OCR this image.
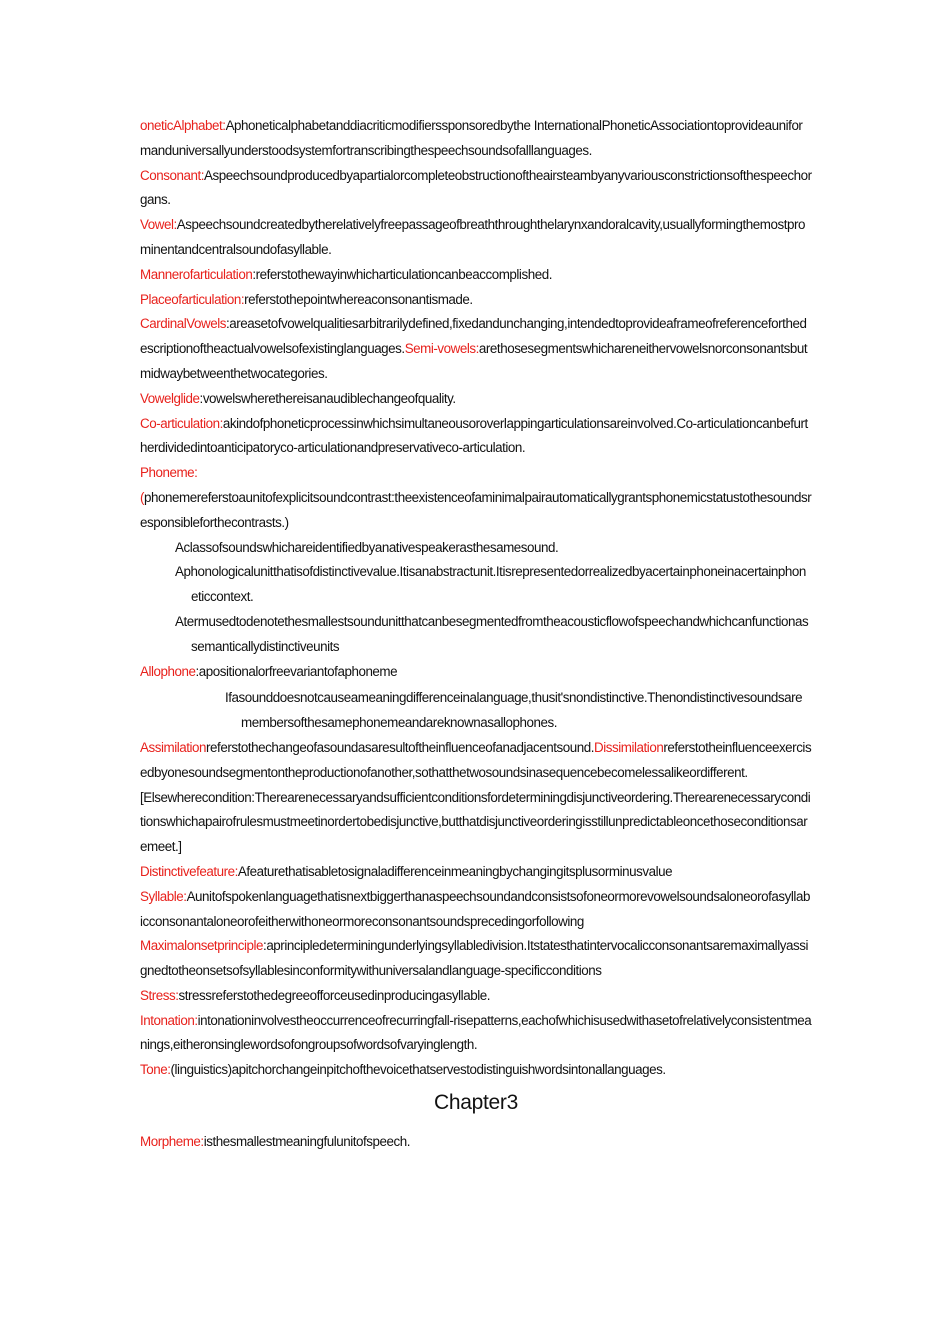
oneticAlphabet:Aphoneticalphabetanddiacriticmodifierssponsoredbythe InternationalPhoneticAssociationtoprovideauniformanduniversallyunderstoodsystemfortranscribingthespeechsoundsofalllanguages.

Consonant:Aspeechsoundproducedbyapartialorcompleteobstructionoftheairsteambyanyvariousconstrictionsofthespeechorgans.

Vowel:Aspeechsoundcreatedbytherelativelyfreepassageofbreaththroughthelarynxandoralcavity,usuallyformingthemostprominentandcentralsoundofasyllable.

Mannerofarticulation:referstothewayinwhicharticulationcanbeaccomplished.

Placeofarticulation:referstothepointwhereaconsonantismade.

CardinalVowels:areasetofvowelqualitiesarbitrarilydefined,fixedandunchanging,intendedtoprovideaframeofreferenceforthedescriptionoftheactualvowelsofexistinglanguages.Semi-vowels:arethosesegmentswhichareneithervowelsnorconsonantsbutmidwaybetweenthetwocategories.

Vowelglide:vowelswherethereisanaudiblechangeofquality.

Co-articulation:akindofphoneticprocessinwhichsimultaneousoroverlappingarticulationsareinvolved.Co-articulationcanbefurtherdividedintoanticipatoryco-articulationandpreservativeco-articulation.

Phoneme:
(phonemereferstoaunitofexplicitsoundcontrast:theexistenceofaminimalpairautomaticallygrantsphonemicstatustothesoundsresponsibleforthecontrasts.)

Aclassofsoundswhichareidentifiedbyanativespeakerasthesamesound.

Aphonologicalunitthatisofdistinctivevalue.Itisanabstractunit.Itisrepresentedorrealizedbyacertainphoneinacertainphoneticcontext.

Atermusedtodenotethesmallestsoundunitthatcanbesegmentedfromtheacousticflowofspeechandwhichcanfunctionassemanticallydistinctiveunits

Allophone:apositionalorfreevariantofaphoneme

Ifasounddoesnotcauseameaningdifferenceinalanguage,thusit'snondistinctive.Thenondistinctivesoundsaremembersofthesamephonemeandareknownasallophones.

Assimilationreferstothechangeofasoundasaresultoftheinfluenceofanadjacentsound.Dissimilationreferstotheinfluenceexercisedbyonesoundsegmentontheproductionofanother,sothatthetwosoundsinasequencebecomelessalikeordifferent.

[Elsewherecondition:Therearenecessaryandsufficientconditionsfordeterminingdisjunctiveordering.Therearenecessaryconditionswhichapairofrulesmustmeetinordertobedisjunctive,butthatdisjunctiveorderingisstillunpredictableoncethoseconditionsaremeet.]

Distinctivefeature:Afeaturethatisabletosignaladifferenceinmeaningbychangingitsplusorminusvalue

Syllable:Aunitofspokenlanguagethatisnextbiggerthanaspeechsoundandconsistsofoneormorevowelsoundsaloneorofasyllabicconsonantaloneorofeitherwithoneormoreconsonantsoundsprecedingorfollowing

Maximalonsetprinciple:aprincipledeterminingunderlyingsyllabledivision.Itstatesthatintervocalicconsonantsaremaximallyassignedtotheonsetsofsyllablesinconformitywithuniversalandlanguage-specificconditions

Stress:stressreferstothedegreeofforceusedinproducingasyllable.

Intonation:intonationinvolvestheoccurrenceofrecurringfall-risepatterns,eachofwhichisusedwithasetofrelativelyconsistentmeanings,eitheronsinglewordsofongroupsofwordsofvaryinglength.

Tone:(linguistics)apitchorchangeinpitchofthevoicethatservestodistinguishwordsintonallanguages.

Chapter3

Morpheme:isthesmallestmeaningfulunitofspeech.
